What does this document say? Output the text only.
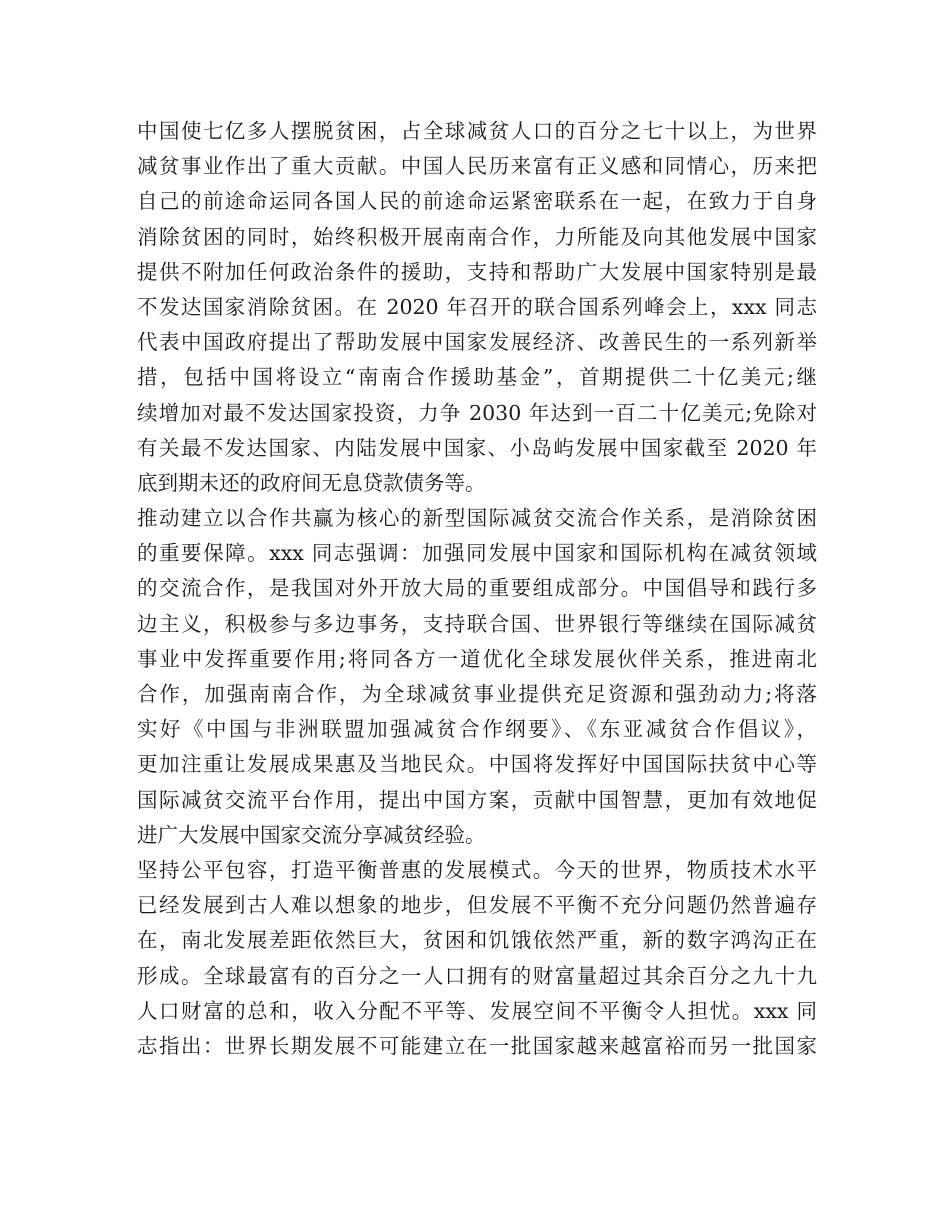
中国使七亿多人摆脱贫困，占全球减贫人口的百分之七十以上，为世界
减贫事业作出了重大贡献。中国人民历来富有正义感和同情心，历来把
自己的前途命运同各国人民的前途命运紧密联系在一起，在致力于自身
消除贫困的同时，始终积极开展南南合作，力所能及向其他发展中国家
提供不附加任何政治条件的援助，支持和帮助广大发展中国家特别是最
不发达国家消除贫困。在 2020 年召开的联合国系列峰会上，xxx 同志
代表中国政府提出了帮助发展中国家发展经济、改善民生的一系列新举
措，包括中国将设立“南南合作援助基金”，首期提供二十亿美元;继
续增加对最不发达国家投资，力争 2030 年达到一百二十亿美元;免除对
有关最不发达国家、内陆发展中国家、小岛屿发展中国家截至 2020 年
底到期未还的政府间无息贷款债务等。
推动建立以合作共赢为核心的新型国际减贫交流合作关系，是消除贫困
的重要保障。xxx 同志强调：加强同发展中国家和国际机构在减贫领域
的交流合作，是我国对外开放大局的重要组成部分。中国倡导和践行多
边主义，积极参与多边事务，支持联合国、世界银行等继续在国际减贫
事业中发挥重要作用;将同各方一道优化全球发展伙伴关系，推进南北
合作，加强南南合作，为全球减贫事业提供充足资源和强劲动力;将落
实好《中国与非洲联盟加强减贫合作纲要》、《东亚减贫合作倡议》，
更加注重让发展成果惠及当地民众。中国将发挥好中国国际扶贫中心等
国际减贫交流平台作用，提出中国方案，贡献中国智慧，更加有效地促
进广大发展中国家交流分享减贫经验。
坚持公平包容，打造平衡普惠的发展模式。今天的世界，物质技术水平
已经发展到古人难以想象的地步，但发展不平衡不充分问题仍然普遍存
在，南北发展差距依然巨大，贫困和饥饿依然严重，新的数字鸿沟正在
形成。全球最富有的百分之一人口拥有的财富量超过其余百分之九十九
人口财富的总和，收入分配不平等、发展空间不平衡令人担忧。xxx 同
志指出：世界长期发展不可能建立在一批国家越来越富裕而另一批国家
